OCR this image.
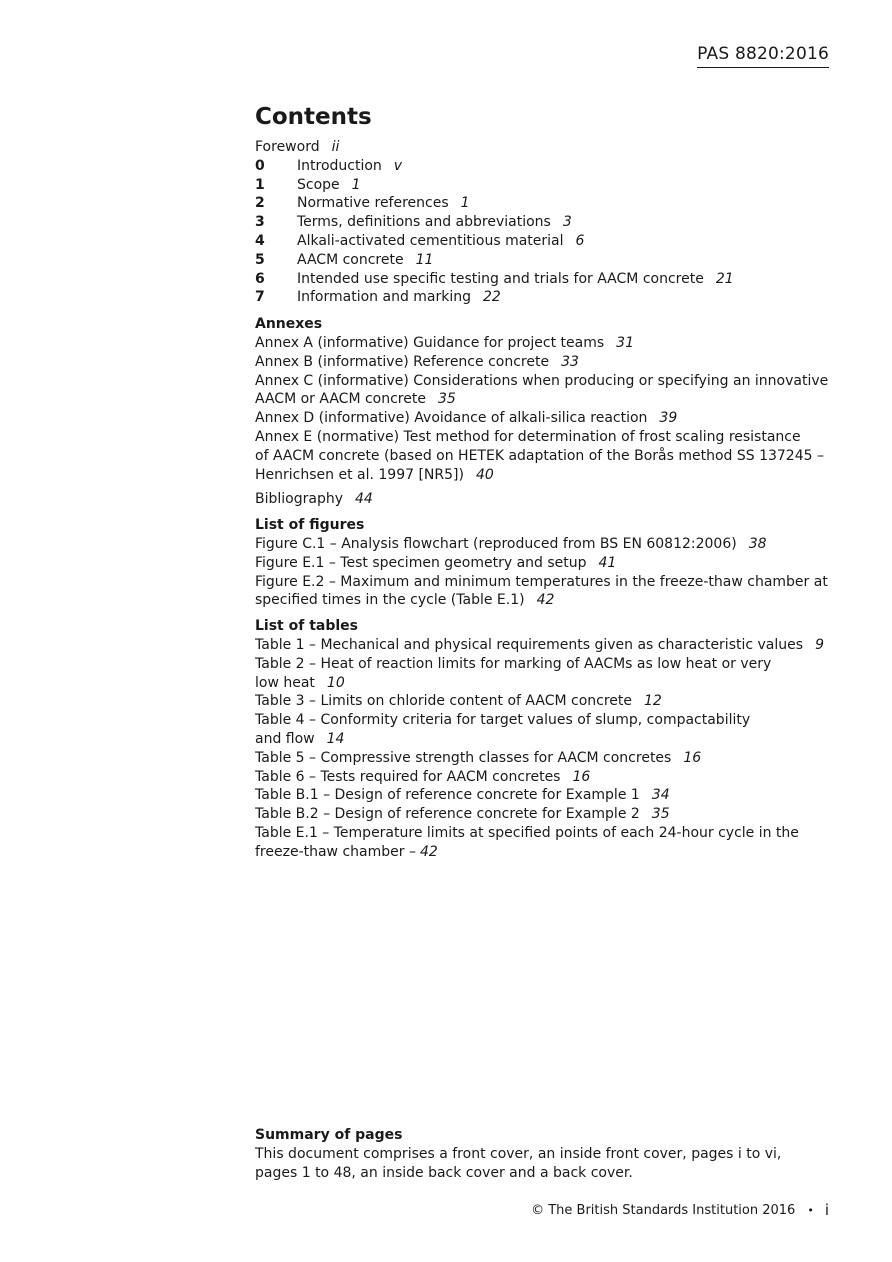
PAS 8820:2016
Contents
Foreword ii
0 Introduction v
1 Scope 1
2 Normative references 1
3 Terms, definitions and abbreviations 3
4 Alkali-activated cementitious material 6
5 AACM concrete 11
6 Intended use specific testing and trials for AACM concrete 21
7 Information and marking 22
Annexes
Annex A (informative) Guidance for project teams 31
Annex B (informative) Reference concrete 33
Annex C (informative) Considerations when producing or specifying an innovative
AACM or AACM concrete 35
Annex D (informative) Avoidance of alkali-silica reaction 39
Annex E (normative) Test method for determination of frost scaling resistance
of AACM concrete (based on HETEK adaptation of the Borås method SS 137245 –
Henrichsen et al. 1997 [NR5]) 40
Bibliography 44
List of figures
Figure C.1 – Analysis flowchart (reproduced from BS EN 60812:2006) 38
Figure E.1 – Test specimen geometry and setup 41
Figure E.2 – Maximum and minimum temperatures in the freeze-thaw chamber at
specified times in the cycle (Table E.1) 42
List of tables
Table 1 – Mechanical and physical requirements given as characteristic values 9
Table 2 – Heat of reaction limits for marking of AACMs as low heat or very
low heat 10
Table 3 – Limits on chloride content of AACM concrete 12
Table 4 – Conformity criteria for target values of slump, compactability
and flow 14
Table 5 – Compressive strength classes for AACM concretes 16
Table 6 – Tests required for AACM concretes 16
Table B.1 – Design of reference concrete for Example 1 34
Table B.2 – Design of reference concrete for Example 2 35
Table E.1 – Temperature limits at specified points of each 24-hour cycle in the
freeze-thaw chamber – 42
Summary of pages
This document comprises a front cover, an inside front cover, pages i to vi,
pages 1 to 48, an inside back cover and a back cover.
© The British Standards Institution 2016 • i
